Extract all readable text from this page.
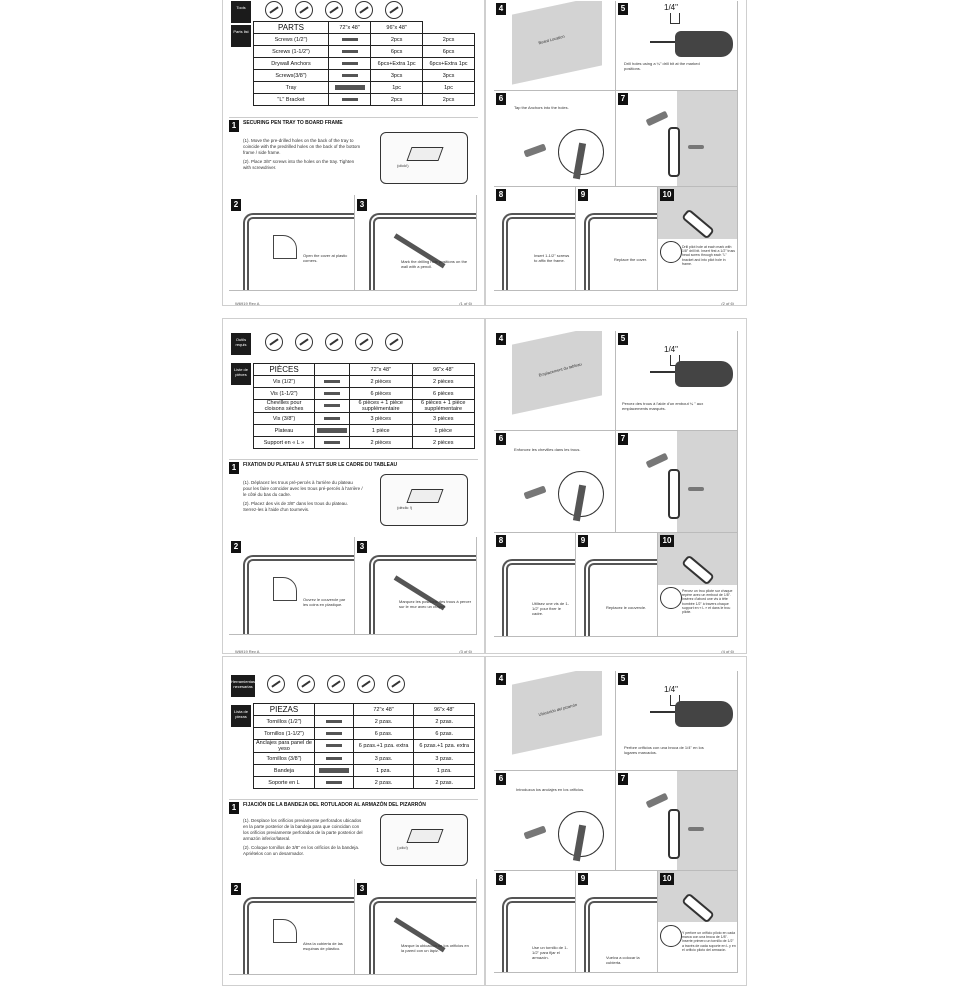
Tools
Parts list	PARTS	72"x 48"	96"x 48"	
Screws (1/2")		2pcs	2pcs
Screws (1-1/2")		6pcs	6pcs
Drywall Anchors		6pcs+Extra 1pc	6pcs+Extra 1pc
Screws(3/8")		3pcs	3pcs
Tray		1pc	1pc
"L" Bracket		2pcs	2pcs
1	SECURING PEN TRAY TO BOARD FRAME
(1). Move the pre-drilled holes on the back of the tray to coincide with the predrilled holes on the back of the bottom frame / side frame.
(2). Place 3/8" screws into the holes on the tray. Tighten with screwdriver.	(click!)
2
Open the cover at plastic corners.
3
Mark the drilling hole positions on the wall with a pencil.
W6919 Rev A	(1 of 6)
4
Board Location
5	1/4"
Drill holes using a ¼" drill bit at the marked positions.
6
Tap the Anchors into the holes.
7
8
Insert 1-1/2" screws to affix the frame.
9
Replace the cover.
10
Drill pilot hole at each mark with 1/8" drill bit. Insert first a 1/2" truss head screw through each "L" bracket and into pilot hole in frame.
(2 of 6)
Outils requis
Liste de pièces
PIÈCES		72"x 48"	96"x 48"
Vis (1/2")		2 pièces	2 pièces
Vis (1-1/2")		6 pièces	6 pièces
Chevilles pour cloisons sèches		6 pièces + 1 pièce supplémentaire	6 pièces + 1 pièce supplémentaire
Vis (3/8")		3 pièces	3 pièces
Plateau		1 pièce	1 pièce
Support en « L »		2 pièces	2 pièces
1	FIXATION DU PLATEAU À STYLET SUR LE CADRE DU TABLEAU
(1). Déplacez les trous pré-percés à l'arrière du plateau pour les faire coïncider avec les trous pré-percés à l'arrière / le côté du bas du cadre.
(2). Placez des vis de 3/8" dans les trous du plateau. Serrez-les à l'aide d'un tournevis.	(déclic !)
2
Ouvrez le couvercle par les coins en plastique.
3
Marquez les positions des trous à percer sur le mur avec un crayon.
W6919 Rev A	(3 of 6)
4
Emplacement du tableau
5
1/4"
Percez des trous à l'aide d'un embout ¼ " aux emplacements marqués.
6
Enfoncez les chevilles dans les trous.
7
8
Utilisez une vis de 1-1/2" pour fixer le cadre.
9
Replacez le couvercle.
10
Percez un trou pilote sur chaque repère avec un embout de 1/8". Insérez d'abord une vis à tête bombée 1/2" à travers chaque support en « L » et dans le trou pilote.
(4 of 6)
Herramientas necesarias
Lista de piezas
PIEZAS		72"x 48"	96"x 48"
Tornillos (1/2")		2 pzas.	2 pzas.
Tornillos (1-1/2")		6 pzas.	6 pzas.
Anclajes para panel de yeso		6 pzas.+1 pza. extra	6 pzas.+1 pza. extra
Tornillos (3/8")		3 pzas.	3 pzas.
Bandeja		1 pza.	1 pza.
Soporte en L		2 pzas.	2 pzas.
1	FIJACIÓN DE LA BANDEJA DEL ROTULADOR AL ARMAZÓN DEL PIZARRÓN
(1). Desplace los orificios previamente perforados ubicados en la parte posterior de la bandeja para que coincidan con los orificios previamente perforados de la parte posterior del armazón inferior/lateral.
(2). Coloque tornillos de 3/8" en los orificios de la bandeja. Apriételos con un desarmador.
(¡clic!)
2
Abra la cubierta de las esquinas de plástico.
3
Marque la ubicación de los orificios en la pared con un lápiz.
4
Ubicación del pizarrón
5
1/4"
Perfore orificios con una broca de 1/4" en los lugares marcados.
6
Introduzca los anclajes en los orificios.
7
8
Use un tornillo de 1-1/2" para fijar el armazón.
9
Vuelva a colocar la cubierta.
10
Y perfore un orificio piloto en cada marca con una broca de 1/8". Inserte primero un tornillo de 1/2" a través de cada soporte en L y en el orificio piloto del armazón.
